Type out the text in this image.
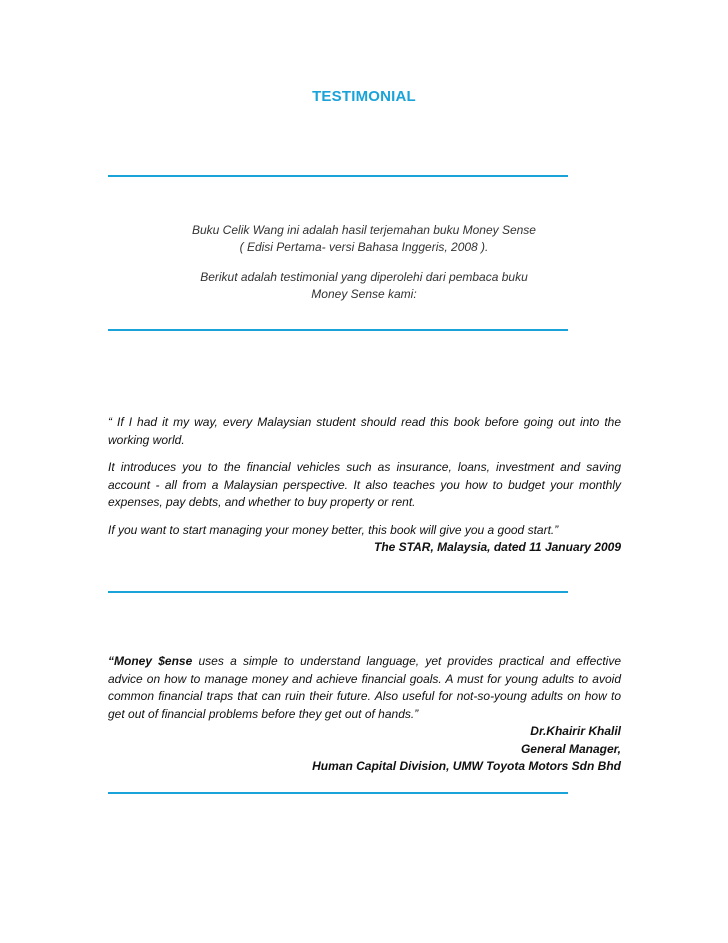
TESTIMONIAL

Buku Celik Wang ini adalah hasil terjemahan buku Money Sense

( Edisi Pertama- versi Bahasa Inggeris, 2008 ).

Berikut adalah testimonial yang diperolehi dari pembaca buku

Money Sense kami:

“ If I had it my way, every Malaysian student should read this book before going out into the working world.

It introduces you to the financial vehicles such as insurance, loans, investment and saving account - all from a Malaysian perspective. It also teaches you how to budget your monthly expenses, pay debts, and whether to buy property or rent.

If you want to start managing your money better, this book will give you a good start.”

The STAR, Malaysia, dated 11 January 2009

“Money $ense uses a simple to understand language, yet provides practical and effective advice on how to manage money and achieve financial goals. A must for young adults to avoid common financial traps that can ruin their future. Also useful for not-so-young adults on how to get out of financial problems before they get out of hands.”

Dr.Khairir Khalil
General Manager,
Human Capital Division, UMW Toyota Motors Sdn Bhd
